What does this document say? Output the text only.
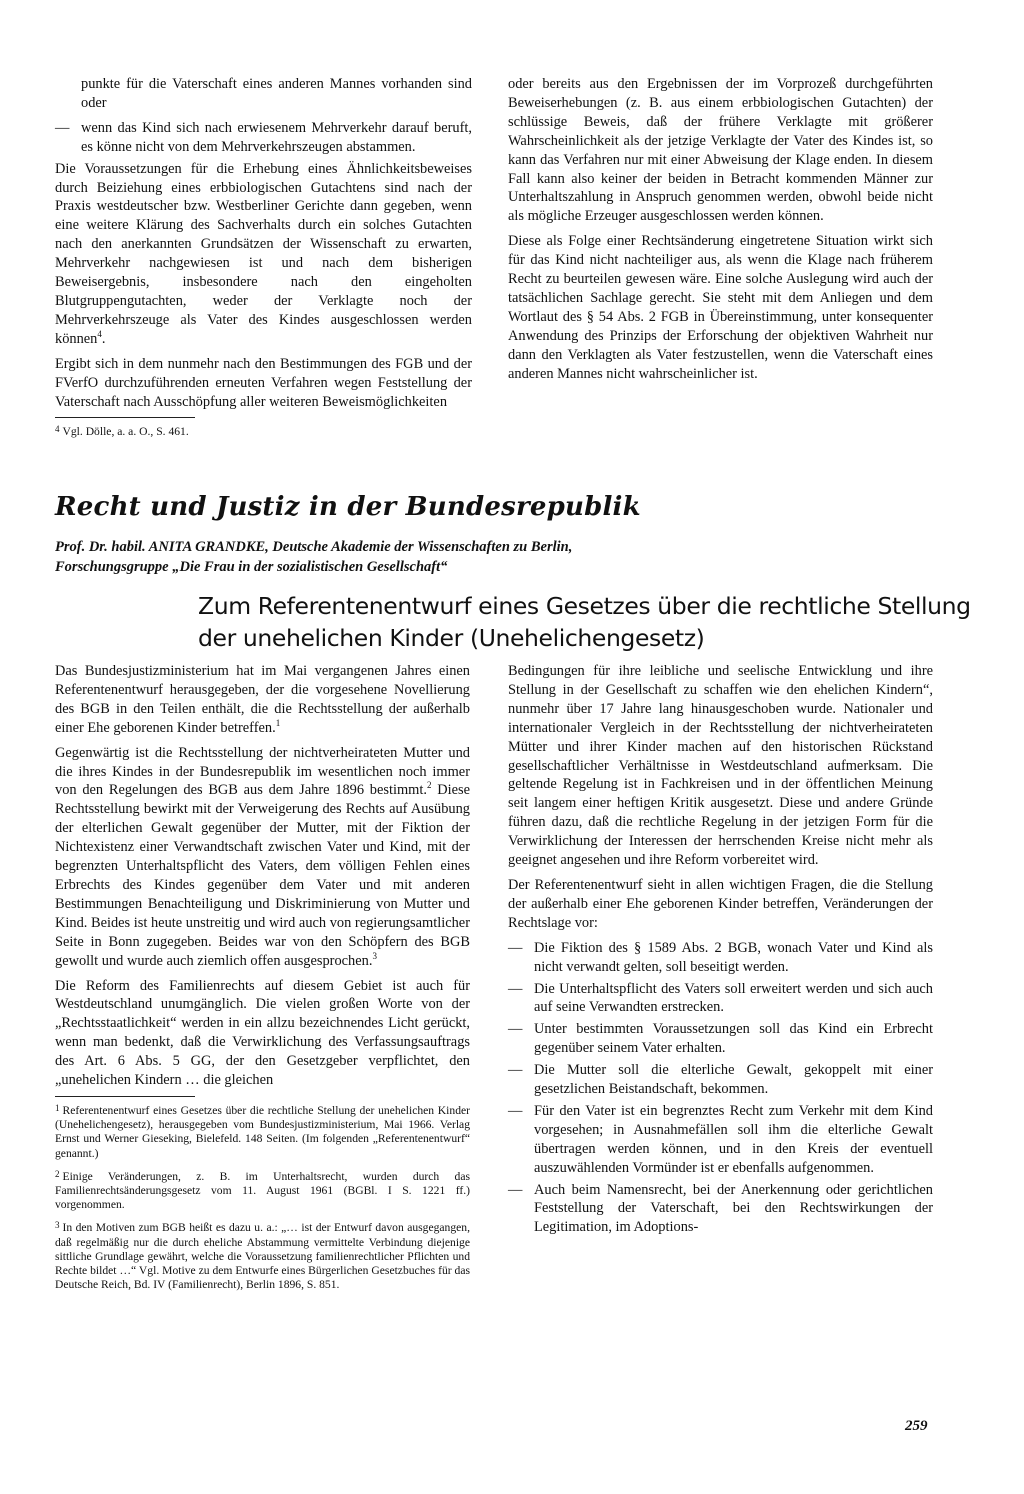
punkte für die Vaterschaft eines anderen Mannes vorhanden sind oder

— wenn das Kind sich nach erwiesenem Mehrverkehr darauf beruft, es könne nicht von dem Mehrverkehrszeugen abstammen.

Die Voraussetzungen für die Erhebung eines Ähnlichkeitsbeweises durch Beiziehung eines erbbiologischen Gutachtens sind nach der Praxis westdeutscher bzw. Westberliner Gerichte dann gegeben, wenn eine weitere Klärung des Sachverhalts durch ein solches Gutachten nach den anerkannten Grundsätzen der Wissenschaft zu erwarten, Mehrverkehr nachgewiesen ist und nach dem bisherigen Beweisergebnis, insbesondere nach den eingeholten Blutgruppengutachten, weder der Verklagte noch der Mehrverkehrszeuge als Vater des Kindes ausgeschlossen werden können$^4$.

Ergibt sich in dem nunmehr nach den Bestimmungen des FGB und der FVerfO durchzuführenden erneuten Verfahren wegen Feststellung der Vaterschaft nach Ausschöpfung aller weiteren Beweismöglichkeiten

$^4$ Vgl. Dölle, a. a. O., S. 461.

oder bereits aus den Ergebnissen der im Vorprozeß durchgeführten Beweiserhebungen (z. B. aus einem erbbiologischen Gutachten) der schlüssige Beweis, daß der frühere Verklagte mit größerer Wahrscheinlichkeit als der jetzige Verklagte der Vater des Kindes ist, so kann das Verfahren nur mit einer Abweisung der Klage enden. In diesem Fall kann also keiner der beiden in Betracht kommenden Männer zur Unterhaltszahlung in Anspruch genommen werden, obwohl beide nicht als mögliche Erzeuger ausgeschlossen werden können.

Diese als Folge einer Rechtsänderung eingetretene Situation wirkt sich für das Kind nicht nachteiliger aus, als wenn die Klage nach früherem Recht zu beurteilen gewesen wäre. Eine solche Auslegung wird auch der tatsächlichen Sachlage gerecht. Sie steht mit dem Anliegen und dem Wortlaut des § 54 Abs. 2 FGB in Übereinstimmung, unter konsequenter Anwendung des Prinzips der Erforschung der objektiven Wahrheit nur dann den Verklagten als Vater festzustellen, wenn die Vaterschaft eines anderen Mannes nicht wahrscheinlicher ist.

Recht und Justiz in der Bundesrepublik
Prof. Dr. habil. ANITA GRANDKE, Deutsche Akademie der Wissenschaften zu Berlin,
Forschungsgruppe „Die Frau in der sozialistischen Gesellschaft“
Zum Referentenentwurf eines Gesetzes über die rechtliche Stellung
der unehelichen Kinder (Unehelichengesetz)

Das Bundesjustizministerium hat im Mai vergangenen Jahres einen Referentenentwurf herausgegeben, der die vorgesehene Novellierung des BGB in den Teilen enthält, die die Rechtsstellung der außerhalb einer Ehe geborenen Kinder betreffen.$^1$

Gegenwärtig ist die Rechtsstellung der nichtverheirateten Mutter und die ihres Kindes in der Bundesrepublik im wesentlichen noch immer von den Regelungen des BGB aus dem Jahre 1896 bestimmt.$^2$ Diese Rechtsstellung bewirkt mit der Verweigerung des Rechts auf Ausübung der elterlichen Gewalt gegenüber der Mutter, mit der Fiktion der Nichtexistenz einer Verwandtschaft zwischen Vater und Kind, mit der begrenzten Unterhaltspflicht des Vaters, dem völligen Fehlen eines Erbrechts des Kindes gegenüber dem Vater und mit anderen Bestimmungen Benachteiligung und Diskriminierung von Mutter und Kind. Beides ist heute unstreitig und wird auch von regierungsamtlicher Seite in Bonn zugegeben. Beides war von den Schöpfern des BGB gewollt und wurde auch ziemlich offen ausgesprochen.$^3$

Die Reform des Familienrechts auf diesem Gebiet ist auch für Westdeutschland unumgänglich. Die vielen großen Worte von der „Rechtsstaatlichkeit“ werden in ein allzu bezeichnendes Licht gerückt, wenn man bedenkt, daß die Verwirklichung des Verfassungsauftrags des Art. 6 Abs. 5 GG, der den Gesetzgeber verpflichtet, den „unehelichen Kindern … die gleichen

$^1$ Referentenentwurf eines Gesetzes über die rechtliche Stellung der unehelichen Kinder (Unehelichengesetz), herausgegeben vom Bundesjustizministerium, Mai 1966. Verlag Ernst und Werner Gieseking, Bielefeld. 148 Seiten. (Im folgenden „Referentenentwurf“ genannt.)

$^2$ Einige Veränderungen, z. B. im Unterhaltsrecht, wurden durch das Familienrechtsänderungsgesetz vom 11. August 1961 (BGBl. I S. 1221 ff.) vorgenommen.

$^3$ In den Motiven zum BGB heißt es dazu u. a.: „… ist der Entwurf davon ausgegangen, daß regelmäßig nur die durch eheliche Abstammung vermittelte Verbindung diejenige sittliche Grundlage gewährt, welche die Voraussetzung familienrechtlicher Pflichten und Rechte bildet …“ Vgl. Motive zu dem Entwurfe eines Bürgerlichen Gesetzbuches für das Deutsche Reich, Bd. IV (Familienrecht), Berlin 1896, S. 851.

Bedingungen für ihre leibliche und seelische Entwicklung und ihre Stellung in der Gesellschaft zu schaffen wie den ehelichen Kindern“, nunmehr über 17 Jahre lang hinausgeschoben wurde. Nationaler und internationaler Vergleich in der Rechtsstellung der nichtverheirateten Mütter und ihrer Kinder machen auf den historischen Rückstand gesellschaftlicher Verhältnisse in Westdeutschland aufmerksam. Die geltende Regelung ist in Fachkreisen und in der öffentlichen Meinung seit langem einer heftigen Kritik ausgesetzt. Diese und andere Gründe führen dazu, daß die rechtliche Regelung in der jetzigen Form für die Verwirklichung der Interessen der herrschenden Kreise nicht mehr als geeignet angesehen und ihre Reform vorbereitet wird.

Der Referentenentwurf sieht in allen wichtigen Fragen, die die Stellung der außerhalb einer Ehe geborenen Kinder betreffen, Veränderungen der Rechtslage vor:

— Die Fiktion des § 1589 Abs. 2 BGB, wonach Vater und Kind als nicht verwandt gelten, soll beseitigt werden.
— Die Unterhaltspflicht des Vaters soll erweitert werden und sich auch auf seine Verwandten erstrecken.
— Unter bestimmten Voraussetzungen soll das Kind ein Erbrecht gegenüber seinem Vater erhalten.
— Die Mutter soll die elterliche Gewalt, gekoppelt mit einer gesetzlichen Beistandschaft, bekommen.
— Für den Vater ist ein begrenztes Recht zum Verkehr mit dem Kind vorgesehen; in Ausnahmefällen soll ihm die elterliche Gewalt übertragen werden können, und in den Kreis der eventuell auszuwählenden Vormünder ist er ebenfalls aufgenommen.
— Auch beim Namensrecht, bei der Anerkennung oder gerichtlichen Feststellung der Vaterschaft, bei den Rechtswirkungen der Legitimation, im Adoptions-
259
